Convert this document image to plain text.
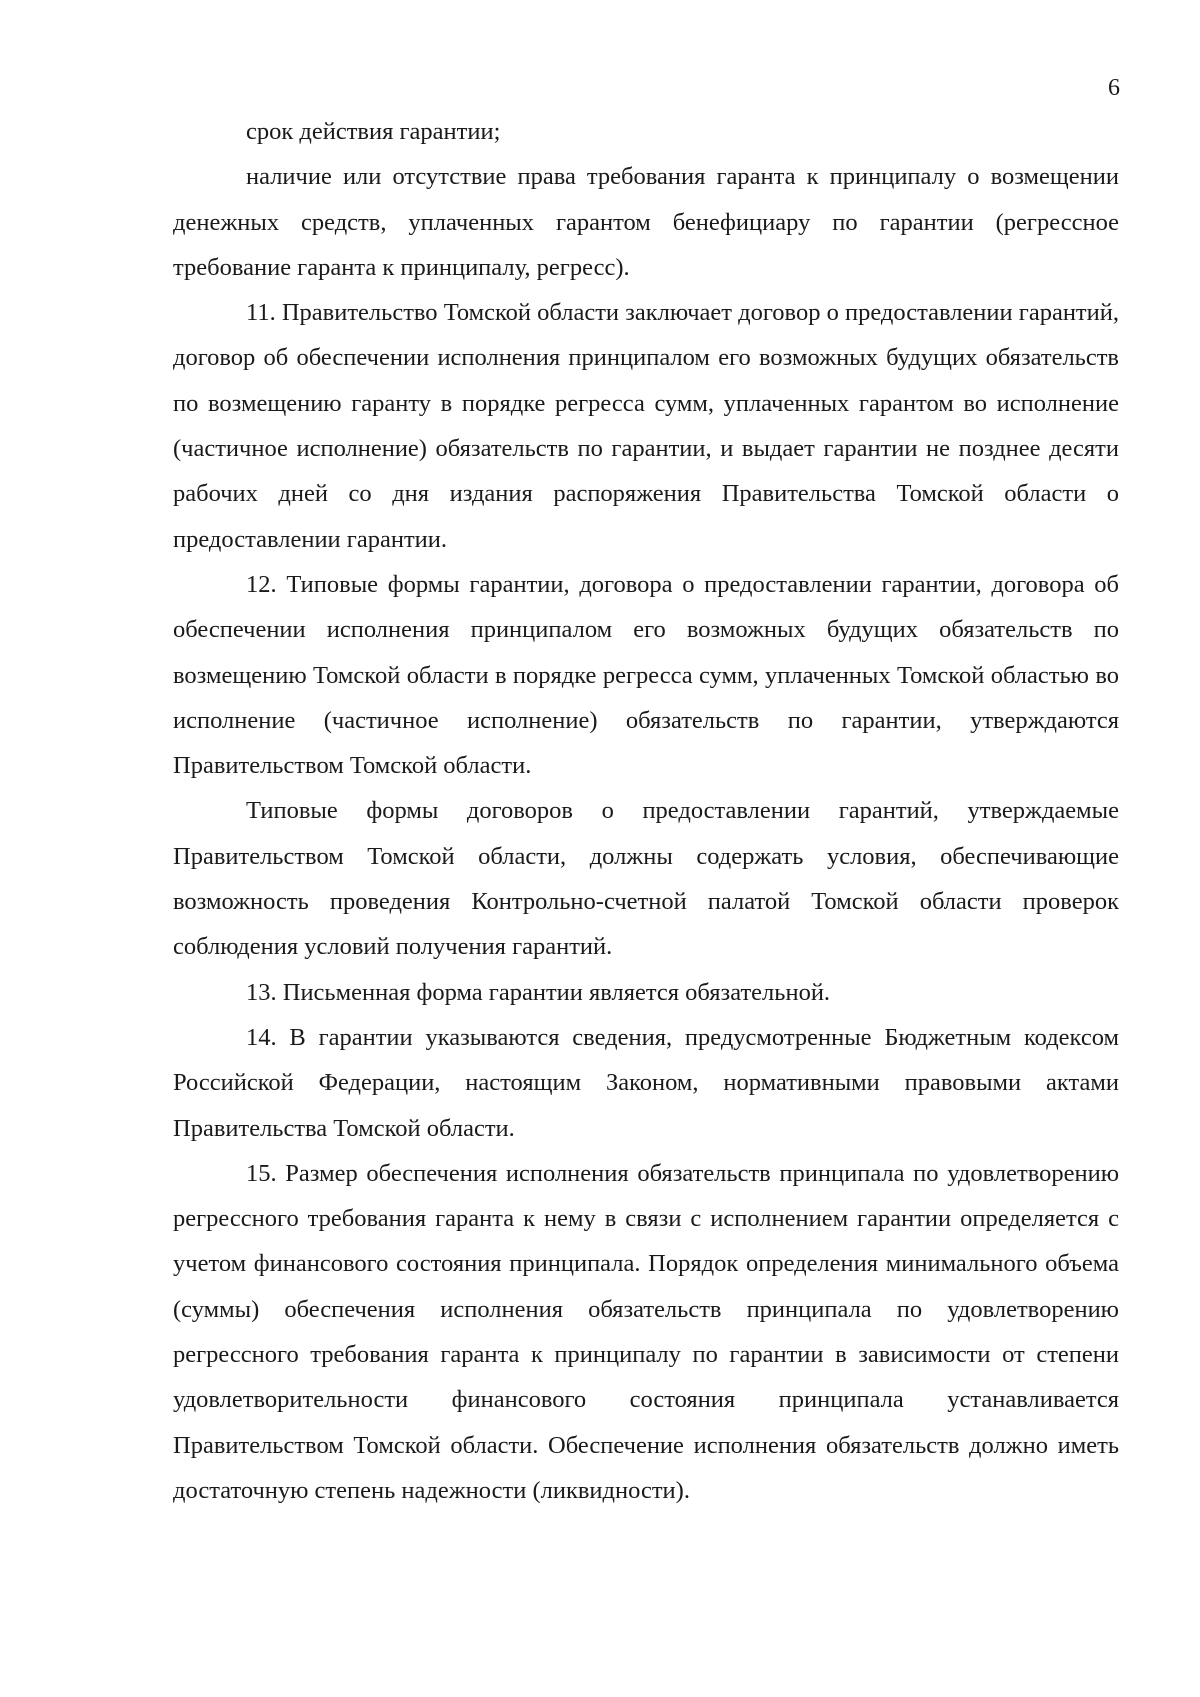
6

срок действия гарантии;

наличие или отсутствие права требования гаранта к принципалу о возмещении денежных средств, уплаченных гарантом бенефициару по гарантии (регрессное требование гаранта к принципалу, регресс).

11. Правительство Томской области заключает договор о предоставлении гарантий, договор об обеспечении исполнения принципалом его возможных будущих обязательств по возмещению гаранту в порядке регресса сумм, уплаченных гарантом во исполнение (частичное исполнение) обязательств по гарантии, и выдает гарантии не позднее десяти рабочих дней со дня издания распоряжения Правительства Томской области о предоставлении гарантии.

12. Типовые формы гарантии, договора о предоставлении гарантии, договора об обеспечении исполнения принципалом его возможных будущих обязательств по возмещению Томской области в порядке регресса сумм, уплаченных Томской областью во исполнение (частичное исполнение) обязательств по гарантии, утверждаются Правительством Томской области.

Типовые формы договоров о предоставлении гарантий, утверждаемые Правительством Томской области, должны содержать условия, обеспечивающие возможность проведения Контрольно-счетной палатой Томской области проверок соблюдения условий получения гарантий.

13. Письменная форма гарантии является обязательной.

14. В гарантии указываются сведения, предусмотренные Бюджетным кодексом Российской Федерации, настоящим Законом, нормативными правовыми актами Правительства Томской области.

15. Размер обеспечения исполнения обязательств принципала по удовлетворению регрессного требования гаранта к нему в связи с исполнением гарантии определяется с учетом финансового состояния принципала. Порядок определения минимального объема (суммы) обеспечения исполнения обязательств принципала по удовлетворению регрессного требования гаранта к принципалу по гарантии в зависимости от степени удовлетворительности финансового состояния принципала устанавливается Правительством Томской области. Обеспечение исполнения обязательств должно иметь достаточную степень надежности (ликвидности).
